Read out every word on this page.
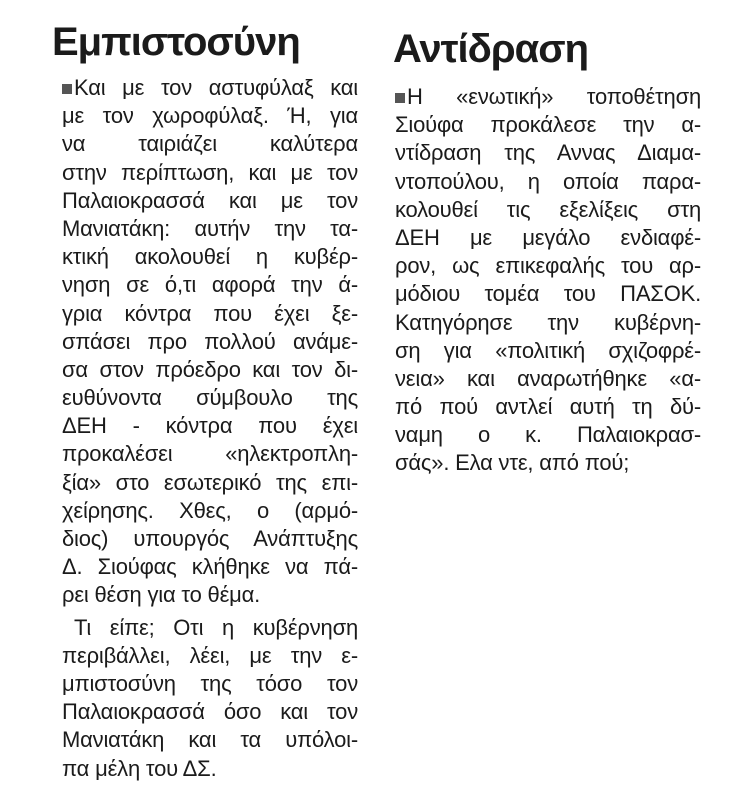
Εμπιστοσύνη Αντίδραση
Και με τον αστυφύλαξ και
με τον χωροφύλαξ. Ή, για
να ταιριάζει καλύτερα
στην περίπτωση, και με τον
Παλαιοκρασσά και με τον
Μανιατάκη: αυτήν την τα-
κτική ακολουθεί η κυβέρ-
νηση σε ό,τι αφορά την ά-
γρια κόντρα που έχει ξε-
σπάσει προ πολλού ανάμε-
σα στον πρόεδρο και τον δι-
ευθύνοντα σύμβουλο της
ΔΕΗ - κόντρα που έχει
προκαλέσει «ηλεκτροπλη-
ξία» στο εσωτερικό της επι-
χείρησης. Χθες, ο (αρμό-
διος) υπουργός Ανάπτυξης
Δ. Σιούφας κλήθηκε να πά-
ρει θέση για το θέμα.
Τι είπε; Οτι η κυβέρνηση
περιβάλλει, λέει, με την ε-
μπιστοσύνη της τόσο τον
Παλαιοκρασσά όσο και τον
Μανιατάκη και τα υπόλοι-
πα μέλη του ΔΣ.
Η «ενωτική» τοποθέτηση
Σιούφα προκάλεσε την α-
ντίδραση της Αννας Διαμα-
ντοπούλου, η οποία παρα-
κολουθεί τις εξελίξεις στη
ΔΕΗ με μεγάλο ενδιαφέ-
ρον, ως επικεφαλής του αρ-
μόδιου τομέα του ΠΑΣΟΚ.
Κατηγόρησε την κυβέρνη-
ση για «πολιτική σχιζοφρέ-
νεια» και αναρωτήθηκε «α-
πό πού αντλεί αυτή τη δύ-
ναμη ο κ. Παλαιοκρασ-
σάς». Ελα ντε, από πού;
